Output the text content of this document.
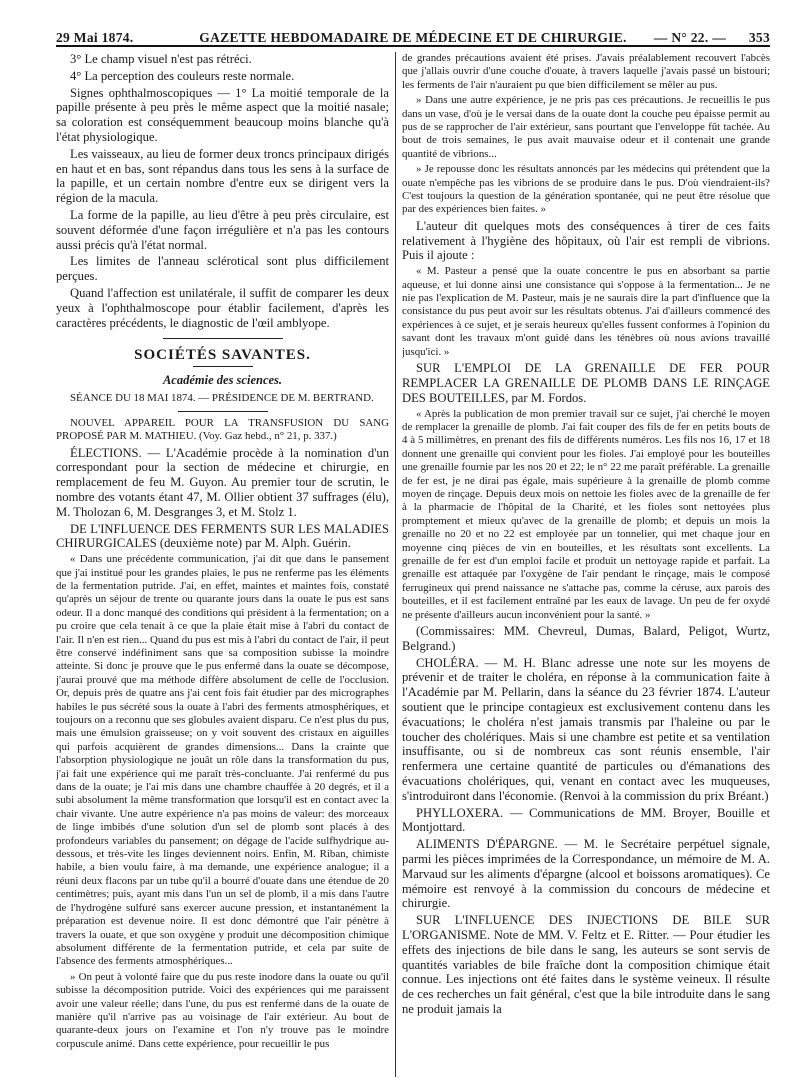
29 Mai 1874.	GAZETTE HEBDOMADAIRE DE MÉDECINE ET DE CHIRURGIE.	— N° 22. — 353

3° Le champ visuel n'est pas rétréci.

4° La perception des couleurs reste normale.

Signes ophthalmoscopiques — 1° La moitié temporale de la papille présente à peu près le même aspect que la moitié nasale; sa coloration est conséquemment beaucoup moins blanche qu'à l'état physiologique.

Les vaisseaux, au lieu de former deux troncs principaux dirigés en haut et en bas, sont répandus dans tous les sens à la surface de la papille, et un certain nombre d'entre eux se dirigent vers la région de la macula.

La forme de la papille, au lieu d'être à peu près circulaire, est souvent déformée d'une façon irrégulière et n'a pas les contours aussi précis qu'à l'état normal.

Les limites de l'anneau sclérotical sont plus difficilement perçues.

Quand l'affection est unilatérale, il suffit de comparer les deux yeux à l'ophthalmoscope pour établir facilement, d'après les caractères précédents, le diagnostic de l'œil amblyope.

SOCIÉTÉS SAVANTES.
Académie des sciences.

SÉANCE DU 18 MAI 1874. — PRÉSIDENCE DE M. BERTRAND.

NOUVEL APPAREIL POUR LA TRANSFUSION DU SANG PROPOSÉ PAR M. MATHIEU. (Voy. Gaz hebd., n° 21, p. 337.)

ÉLECTIONS. — L'Académie procède à la nomination d'un correspondant pour la section de médecine et chirurgie, en remplacement de feu M. Guyon. Au premier tour de scrutin, le nombre des votants étant 47, M. Ollier obtient 37 suffrages (élu), M. Tholozan 6, M. Desgranges 3, et M. Stolz 1.

DE L'INFLUENCE DES FERMENTS SUR LES MALADIES CHIRURGICALES (deuxième note) par M. Alph. Guérin.

« Dans une précédente communication, j'ai dit que dans le pansement que j'ai institué pour les grandes plaies, le pus ne renferme pas les éléments de la fermentation putride. J'ai, en effet, maintes et maintes fois, constaté qu'après un séjour de trente ou quarante jours dans la ouate le pus est sans odeur. Il a donc manqué des conditions qui président à la fermentation; on a pu croire que cela tenait à ce que la plaie était mise à l'abri du contact de l'air. Il n'en est rien... Quand du pus est mis à l'abri du contact de l'air, il peut être conservé indéfiniment sans que sa composition subisse la moindre atteinte. Si donc je prouve que le pus enfermé dans la ouate se décompose, j'aurai prouvé que ma méthode diffère absolument de celle de l'occlusion. Or, depuis près de quatre ans j'ai cent fois fait étudier par des micrographes habiles le pus sécrété sous la ouate à l'abri des ferments atmosphériques, et toujours on a reconnu que ses globules avaient disparu. Ce n'est plus du pus, mais une émulsion graisseuse; on y voit souvent des cristaux en aiguilles qui parfois acquièrent de grandes dimensions... Dans la crainte que l'absorption physiologique ne jouât un rôle dans la transformation du pus, j'ai fait une expérience qui me paraît très-concluante. J'ai renfermé du pus dans de la ouate; je l'ai mis dans une chambre chauffée à 20 degrés, et il a subi absolument la même transformation que lorsqu'il est en contact avec la chair vivante. Une autre expérience n'a pas moins de valeur: des morceaux de linge imbibés d'une solution d'un sel de plomb sont placés à des profondeurs variables du pansement; on dégage de l'acide sulfhydrique au-dessous, et très-vite les linges deviennent noirs. Enfin, M. Riban, chimiste habile, a bien voulu faire, à ma demande, une expérience analogue; il a réuni deux flacons par un tube qu'il a bourré d'ouate dans une étendue de 20 centimètres; puis, ayant mis dans l'un un sel de plomb, il a mis dans l'autre de l'hydrogène sulfuré sans exercer aucune pression, et instantanément la préparation est devenue noire. Il est donc démontré que l'air pénètre à travers la ouate, et que son oxygène y produit une décomposition chimique absolument différente de la fermentation putride, et cela par suite de l'absence des ferments atmosphériques...

» On peut à volonté faire que du pus reste inodore dans la ouate ou qu'il subisse la décomposition putride. Voici des expériences qui me paraissent avoir une valeur réelle; dans l'une, du pus est renfermé dans de la ouate de manière qu'il n'arrive pas au voisinage de l'air extérieur. Au bout de quarante-deux jours on l'examine et l'on n'y trouve pas le moindre corpuscule animé. Dans cette expérience, pour recueillir le pus

de grandes précautions avaient été prises. J'avais préalablement recouvert l'abcès que j'allais ouvrir d'une couche d'ouate, à travers laquelle j'avais passé un bistouri; les ferments de l'air n'auraient pu que bien difficilement se mêler au pus.

» Dans une autre expérience, je ne pris pas ces précautions. Je recueillis le pus dans un vase, d'où je le versai dans de la ouate dont la couche peu épaisse permit au pus de se rapprocher de l'air extérieur, sans pourtant que l'enveloppe fût tachée. Au bout de trois semaines, le pus avait mauvaise odeur et il contenait une grande quantité de vibrions...

» Je repousse donc les résultats annoncés par les médecins qui prétendent que la ouate n'empêche pas les vibrions de se produire dans le pus. D'où viendraient-ils? C'est toujours la question de la génération spontanée, qui ne peut être résolue que par des expériences bien faites. »

L'auteur dit quelques mots des conséquences à tirer de ces faits relativement à l'hygiène des hôpitaux, où l'air est rempli de vibrions. Puis il ajoute :

« M. Pasteur a pensé que la ouate concentre le pus en absorbant sa partie aqueuse, et lui donne ainsi une consistance qui s'oppose à la fermentation... Je ne nie pas l'explication de M. Pasteur, mais je ne saurais dire la part d'influence que la consistance du pus peut avoir sur les résultats obtenus. J'ai d'ailleurs commencé des expériences à ce sujet, et je serais heureux qu'elles fussent conformes à l'opinion du savant dont les travaux m'ont guidé dans les ténèbres où nous avions travaillé jusqu'ici. »

SUR L'EMPLOI DE LA GRENAILLE DE FER POUR REMPLACER LA GRENAILLE DE PLOMB DANS LE RINÇAGE DES BOUTEILLES, par M. Fordos.

« Après la publication de mon premier travail sur ce sujet, j'ai cherché le moyen de remplacer la grenaille de plomb. J'ai fait couper des fils de fer en petits bouts de 4 à 5 millimètres, en prenant des fils de différents numéros. Les fils nos 16, 17 et 18 donnent une grenaille qui convient pour les fioles. J'ai employé pour les bouteilles une grenaille fournie par les nos 20 et 22; le n° 22 me paraît préférable. La grenaille de fer est, je ne dirai pas égale, mais supérieure à la grenaille de plomb comme moyen de rinçage. Depuis deux mois on nettoie les fioles avec de la grenaille de fer à la pharmacie de l'hôpital de la Charité, et les fioles sont nettoyées plus promptement et mieux qu'avec de la grenaille de plomb; et depuis un mois la grenaille no 20 et no 22 est employée par un tonnelier, qui met chaque jour en moyenne cinq pièces de vin en bouteilles, et les résultats sont excellents. La grenaille de fer est d'un emploi facile et produit un nettoyage rapide et parfait. La grenaille est attaquée par l'oxygène de l'air pendant le rinçage, mais le composé ferrugineux qui prend naissance ne s'attache pas, comme la céruse, aux parois des bouteilles, et il est facilement entraîné par les eaux de lavage. Un peu de fer oxydé ne présente d'ailleurs aucun inconvénient pour la santé. »

(Commissaires: MM. Chevreul, Dumas, Balard, Peligot, Wurtz, Belgrand.)

CHOLÉRA. — M. H. Blanc adresse une note sur les moyens de prévenir et de traiter le choléra, en réponse à la communication faite à l'Académie par M. Pellarin, dans la séance du 23 février 1874. L'auteur soutient que le principe contagieux est exclusivement contenu dans les évacuations; le choléra n'est jamais transmis par l'haleine ou par le toucher des cholériques. Mais si une chambre est petite et sa ventilation insuffisante, ou si de nombreux cas sont réunis ensemble, l'air renfermera une certaine quantité de particules ou d'émanations des évacuations cholériques, qui, venant en contact avec les muqueuses, s'introduiront dans l'économie. (Renvoi à la commission du prix Bréant.)

PHYLLOXERA. — Communications de MM. Broyer, Bouille et Montjottard.

ALIMENTS D'ÉPARGNE. — M. le Secrétaire perpétuel signale, parmi les pièces imprimées de la Correspondance, un mémoire de M. A. Marvaud sur les aliments d'épargne (alcool et boissons aromatiques). Ce mémoire est renvoyé à la commission du concours de médecine et chirurgie.

SUR L'INFLUENCE DES INJECTIONS DE BILE SUR L'ORGANISME. Note de MM. V. Feltz et E. Ritter. — Pour étudier les effets des injections de bile dans le sang, les auteurs se sont servis de quantités variables de bile fraîche dont la composition chimique était connue. Les injections ont été faites dans le système veineux. Il résulte de ces recherches un fait général, c'est que la bile introduite dans le sang ne produit jamais la
